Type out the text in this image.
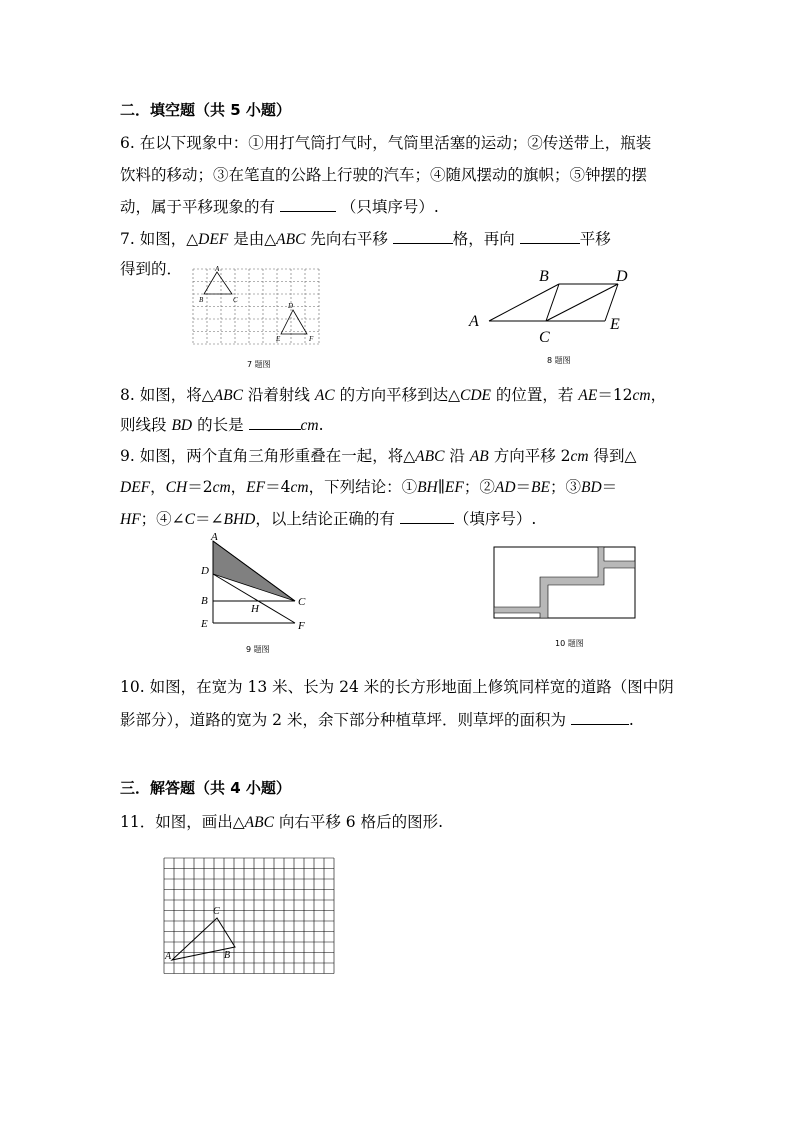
二．填空题（共 5 小题）
6. 在以下现象中：①用打气筒打气时，气筒里活塞的运动；②传送带上，瓶装
饮料的移动；③在笔直的公路上行驶的汽车；④随风摆动的旗帜；⑤钟摆的摆
动，属于平移现象的有	（只填序号）.
7. 如图，△DEF 是由△ABC 先向右平移	格，再向	平移
得到的．	A
B	C
D
E	F
7 题图
A
B
C
D
E
8 题图
8. 如图，将△ABC 沿着射线 AC 的方向平移到达△CDE 的位置，若 AE＝12cm，
则线段 BD 的长是	cm.
9. 如图，两个直角三角形重叠在一起，将△ABC 沿 AB 方向平移 2cm 得到△
DEF，CH＝2cm，EF＝4cm，下列结论：①BH∥EF；②AD＝BE；③BD＝
HF；④∠C＝∠BHD，以上结论正确的有	（填序号）.
A
D
B
E
H
C
F
9 题图
10 题图
10. 如图，在宽为 13 米、长为 24 米的长方形地面上修筑同样宽的道路（图中阴
影部分），道路的宽为 2 米，余下部分种植草坪．则草坪的面积为	.
三．解答题（共 4 小题）
11．如图，画出△ABC 向右平移 6 格后的图形.
A	B
C
